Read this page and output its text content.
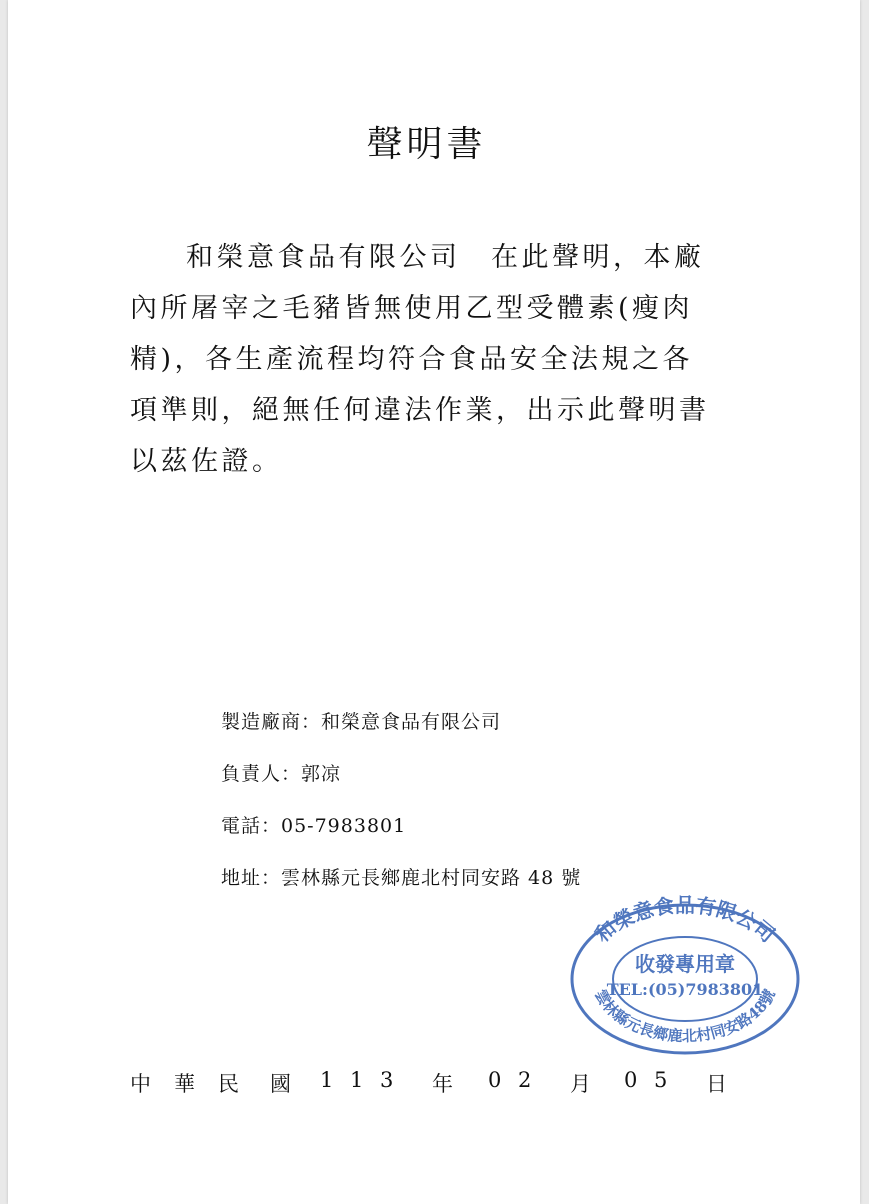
聲明書
和榮意食品有限公司　在此聲明，本廠
內所屠宰之毛豬皆無使用乙型受體素(瘦肉
精)，各生產流程均符合食品安全法規之各
項準則，絕無任何違法作業，出示此聲明書
以茲佐證。
製造廠商：和榮意食品有限公司
負責人：郭凉
電話：05-7983801
地址：雲林縣元長鄉鹿北村同安路 48 號
和榮意食品有限公司
雲林縣元長鄉鹿北村同安路48號
收發專用章
TEL:(05)7983801
中 華 民 國 1 1 3 年 0 2 月 0 5 日
